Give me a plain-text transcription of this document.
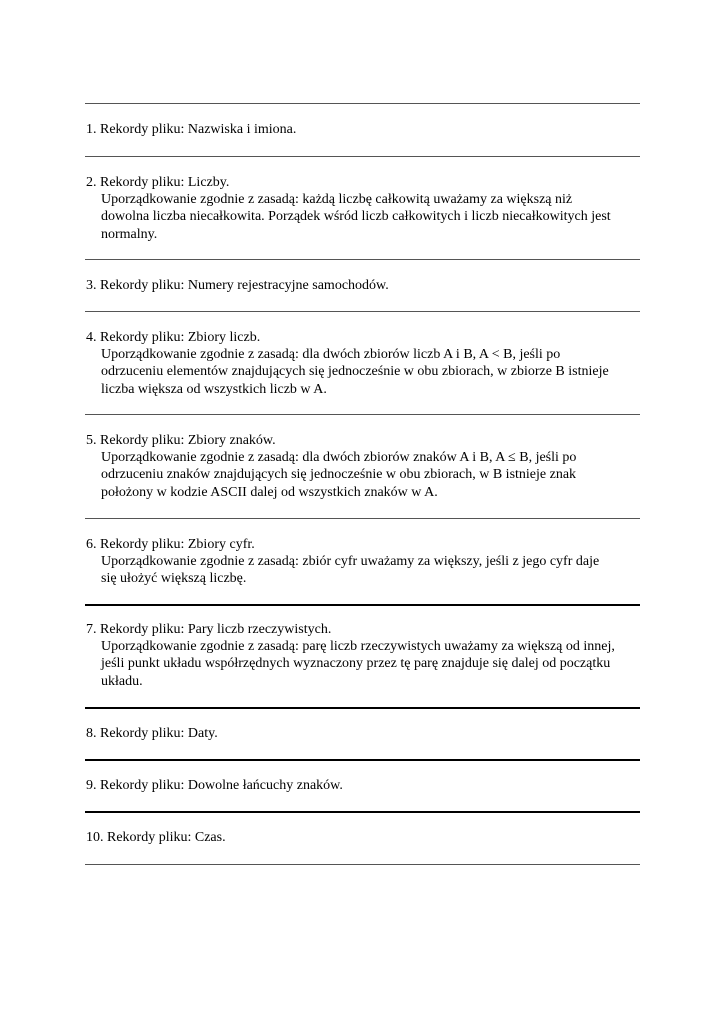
1. Rekordy pliku: Nazwiska i imiona.
2. Rekordy pliku: Liczby.
Uporządkowanie zgodnie z zasadą: każdą liczbę całkowitą uważamy za większą niż
dowolna liczba niecałkowita. Porządek wśród liczb całkowitych i liczb niecałkowitych jest
normalny.
3. Rekordy pliku: Numery rejestracyjne samochodów.
4. Rekordy pliku: Zbiory liczb.
Uporządkowanie zgodnie z zasadą: dla dwóch zbiorów liczb A i B, A < B, jeśli po
odrzuceniu elementów znajdujących się jednocześnie w obu zbiorach, w zbiorze B istnieje
liczba większa od wszystkich liczb w A.
5. Rekordy pliku: Zbiory znaków.
Uporządkowanie zgodnie z zasadą: dla dwóch zbiorów znaków A i B, A ≤ B, jeśli po
odrzuceniu znaków znajdujących się jednocześnie w obu zbiorach, w B istnieje znak
położony w kodzie ASCII dalej od wszystkich znaków w A.
6. Rekordy pliku: Zbiory cyfr.
Uporządkowanie zgodnie z zasadą: zbiór cyfr uważamy za większy, jeśli z jego cyfr daje
się ułożyć większą liczbę.
7. Rekordy pliku: Pary liczb rzeczywistych.
Uporządkowanie zgodnie z zasadą: parę liczb rzeczywistych uważamy za większą od innej,
jeśli punkt układu współrzędnych wyznaczony przez tę parę znajduje się dalej od początku
układu.
8. Rekordy pliku: Daty.
9. Rekordy pliku: Dowolne łańcuchy znaków.
10. Rekordy pliku: Czas.
